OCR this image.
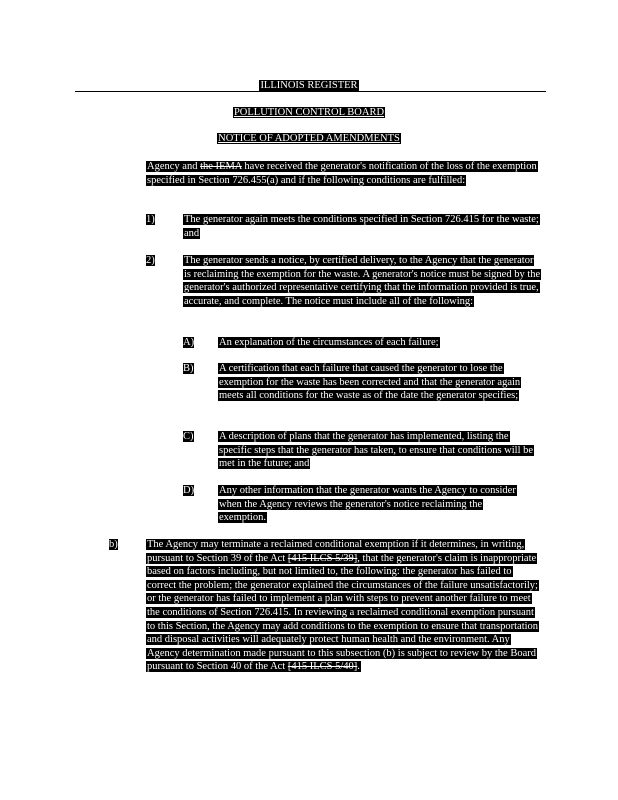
ILLINOIS REGISTER
POLLUTION CONTROL BOARD
NOTICE OF ADOPTED AMENDMENTS
Agency and the IEMA have received the generator's notification of the loss of the exemption specified in Section 726.455(a) and if the following conditions are fulfilled:
1)	The generator again meets the conditions specified in Section 726.415 for the waste; and
2)	The generator sends a notice, by certified delivery, to the Agency that the generator is reclaiming the exemption for the waste. A generator's notice must be signed by the generator's authorized representative certifying that the information provided is true, accurate, and complete. The notice must include all of the following:
A) An explanation of the circumstances of each failure;
B) A certification that each failure that caused the generator to lose the exemption for the waste has been corrected and that the generator again meets all conditions for the waste as of the date the generator specifies;
C) A description of plans that the generator has implemented, listing the specific steps that the generator has taken, to ensure that conditions will be met in the future; and
D) Any other information that the generator wants the Agency to consider when the Agency reviews the generator's notice reclaiming the exemption.
b)	The Agency may terminate a reclaimed conditional exemption if it determines, in writing, pursuant to Section 39 of the Act [415 ILCS 5/39], that the generator's claim is inappropriate based on factors including, but not limited to, the following: the generator has failed to correct the problem; the generator explained the circumstances of the failure unsatisfactorily; or the generator has failed to implement a plan with steps to prevent another failure to meet the conditions of Section 726.415. In reviewing a reclaimed conditional exemption pursuant to this Section, the Agency may add conditions to the exemption to ensure that transportation and disposal activities will adequately protect human health and the environment. Any Agency determination made pursuant to this subsection (b) is subject to review by the Board pursuant to Section 40 of the Act [415 ILCS 5/40].
